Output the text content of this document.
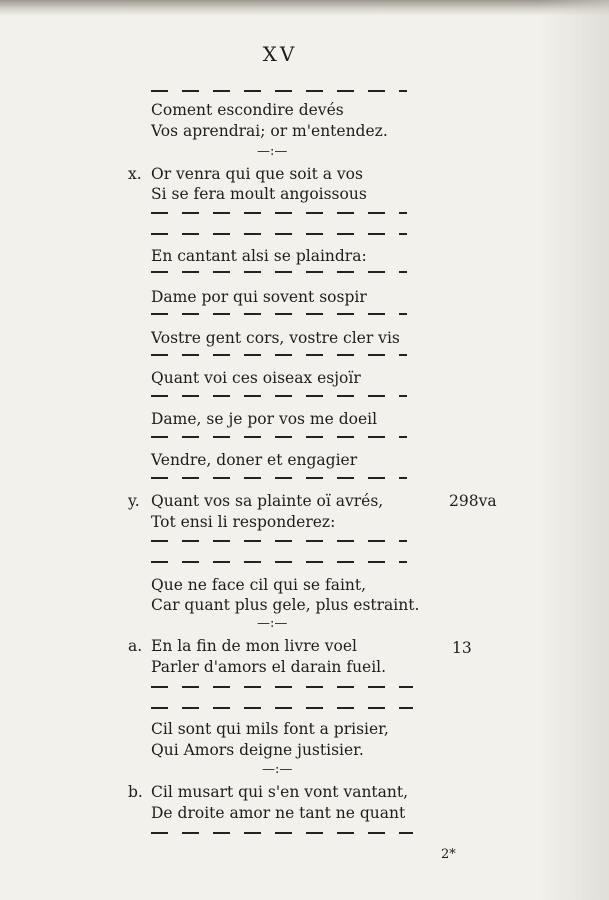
XV
Coment escondire devés
Vos aprendrai; or m'entendez.
—:—
x. Or venra qui que soit a vos
Si se fera moult angoissous
En cantant alsi se plaindra:
Dame por qui sovent sospir
Vostre gent cors, vostre cler vis
Quant voi ces oiseax esjoïr
Dame, se je por vos me doeil
Vendre, doner et engagier
y. Quant vos sa plainte oï avrés,	298va
Tot ensi li responderez:
Que ne face cil qui se faint,
Car quant plus gele, plus estraint.
—:—
a. En la fin de mon livre voel	13
Parler d'amors el darain fueil.
Cil sont qui mils font a prisier,
Qui Amors deigne justisier.
—:—
b. Cil musart qui s'en vont vantant,
De droite amor ne tant ne quant
2*
